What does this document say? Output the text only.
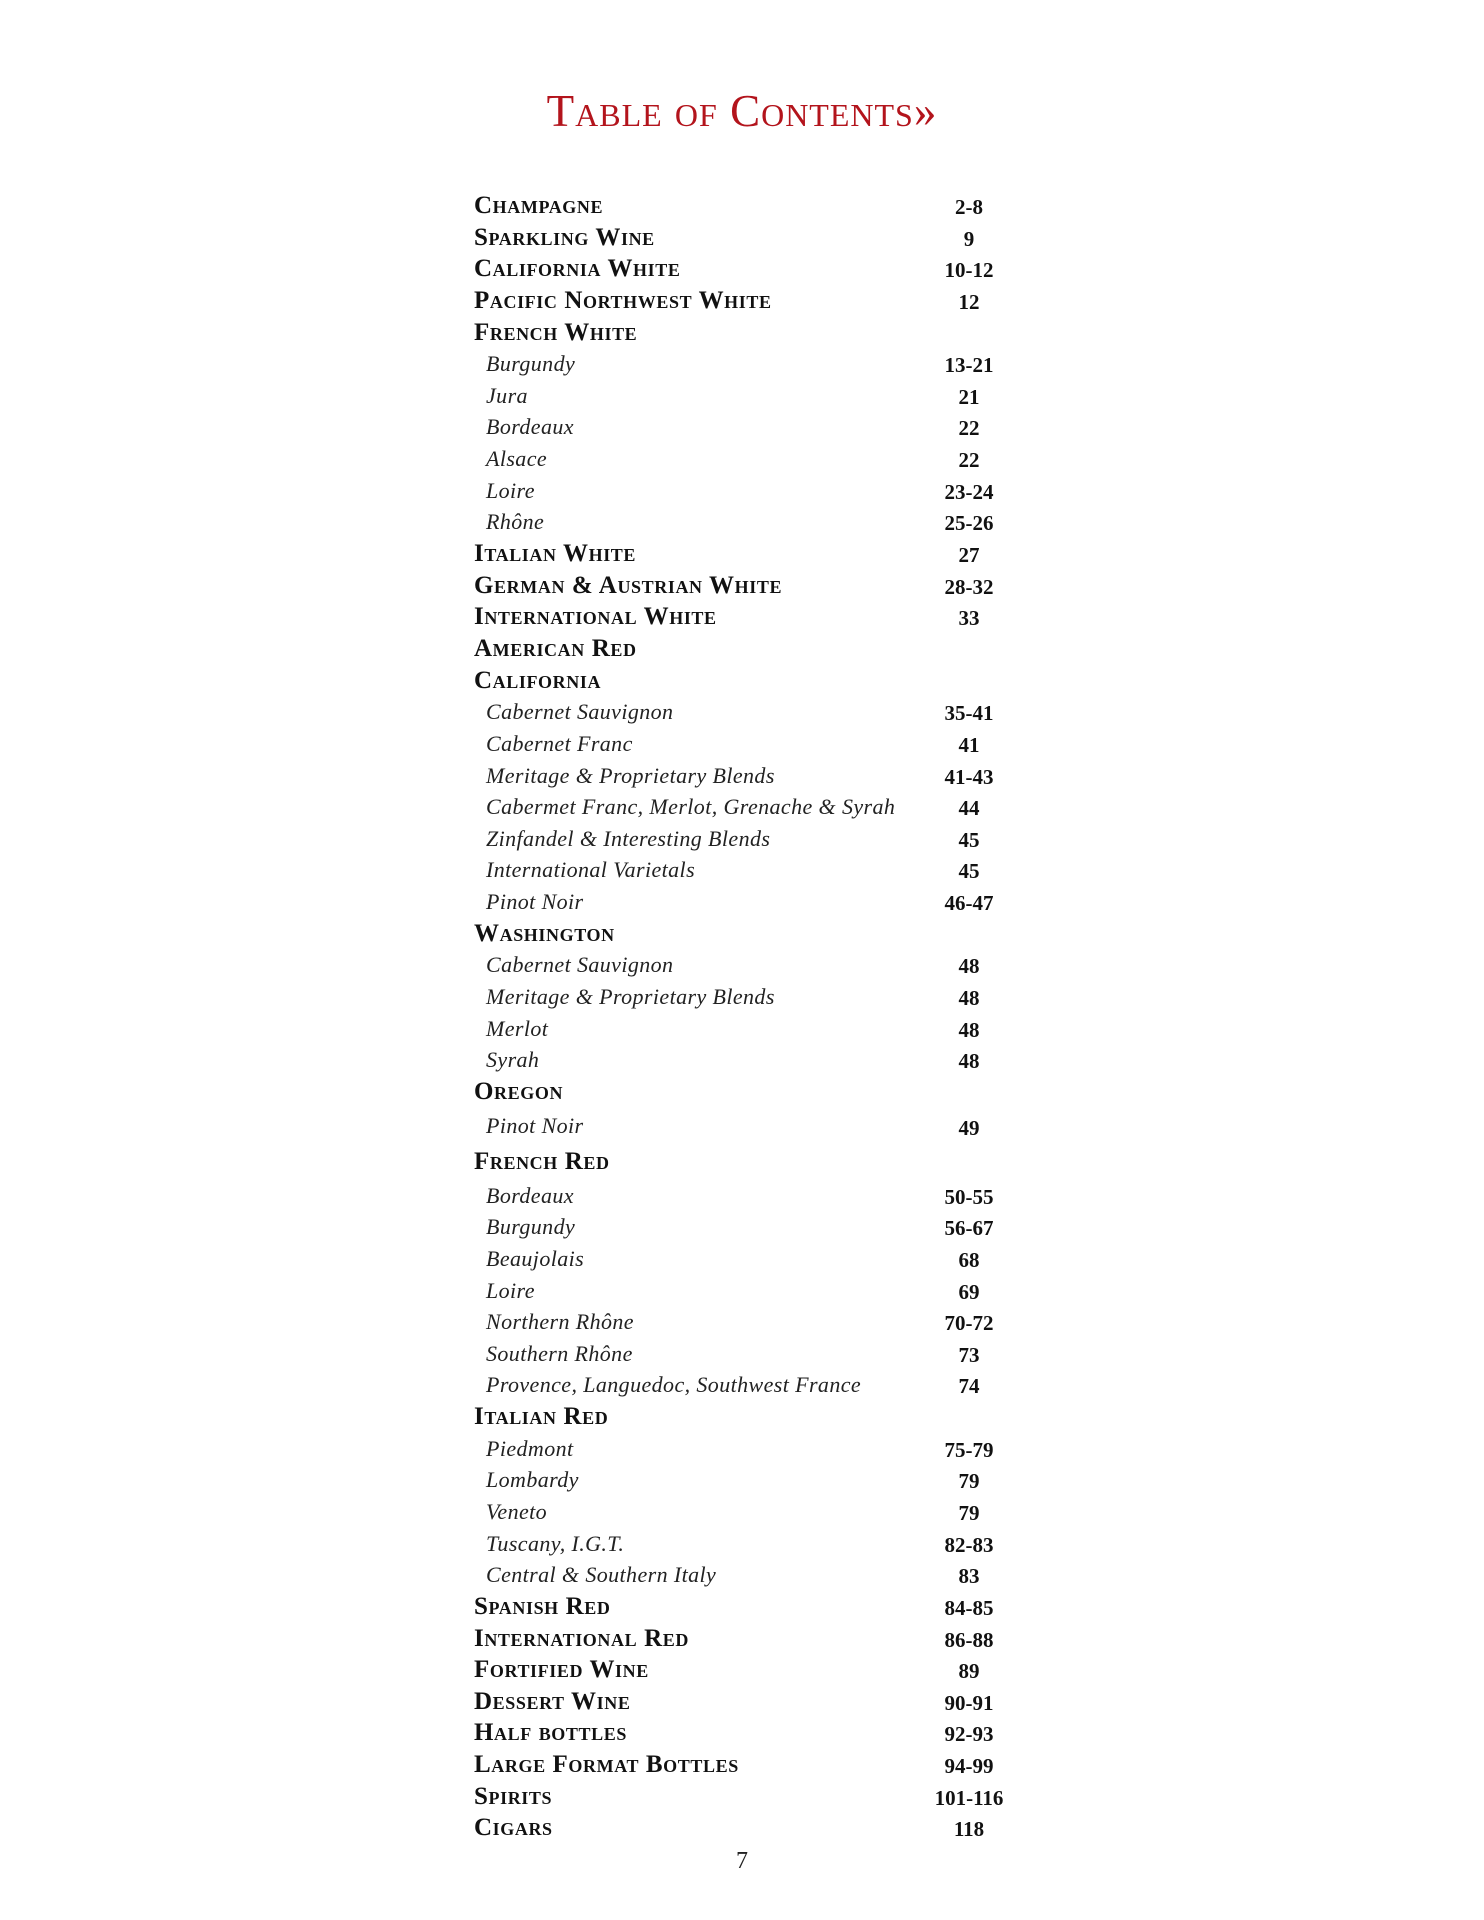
Table of Contents»
Champagne	2-8
Sparkling Wine	9
California White	10-12
Pacific Northwest White	12
French White
Burgundy	13-21
Jura	21
Bordeaux	22
Alsace	22
Loire	23-24
Rhône	25-26
Italian White	27
German & Austrian White	28-32
International White	33
American Red
California
Cabernet Sauvignon	35-41
Cabernet Franc	41
Meritage & Proprietary Blends	41-43
Cabermet Franc, Merlot, Grenache & Syrah	44
Zinfandel & Interesting Blends	45
International Varietals	45
Pinot Noir	46-47
Washington
Cabernet Sauvignon	48
Meritage & Proprietary Blends	48
Merlot	48
Syrah	48
Oregon
Pinot Noir	49
French Red
Bordeaux	50-55
Burgundy	56-67
Beaujolais	68
Loire	69
Northern Rhône	70-72
Southern Rhône	73
Provence, Languedoc, Southwest France	74
Italian Red
Piedmont	75-79
Lombardy	79
Veneto	79
Tuscany, I.G.T.	82-83
Central & Southern Italy	83
Spanish Red	84-85
International Red	86-88
Fortified Wine	89
Dessert Wine	90-91
Half bottles	92-93
Large Format Bottles	94-99
Spirits	101-116
Cigars	118
7
